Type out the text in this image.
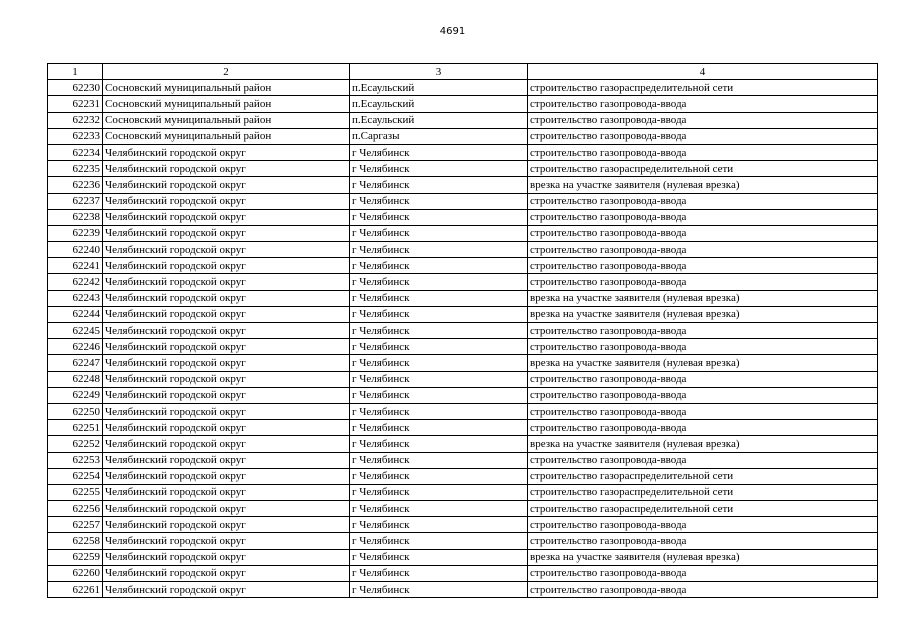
4691
1	2	3	4
62230	Сосновский муниципальный район	п.Есаульский	строительство газораспределительной сети
62231	Сосновский муниципальный район	п.Есаульский	строительство газопровода-ввода
62232	Сосновский муниципальный район	п.Есаульский	строительство газопровода-ввода
62233	Сосновский муниципальный район	п.Саргазы	строительство газопровода-ввода
62234	Челябинский городской округ	г Челябинск	строительство газопровода-ввода
62235	Челябинский городской округ	г Челябинск	строительство газораспределительной сети
62236	Челябинский городской округ	г Челябинск	врезка на участке заявителя (нулевая врезка)
62237	Челябинский городской округ	г Челябинск	строительство газопровода-ввода
62238	Челябинский городской округ	г Челябинск	строительство газопровода-ввода
62239	Челябинский городской округ	г Челябинск	строительство газопровода-ввода
62240	Челябинский городской округ	г Челябинск	строительство газопровода-ввода
62241	Челябинский городской округ	г Челябинск	строительство газопровода-ввода
62242	Челябинский городской округ	г Челябинск	строительство газопровода-ввода
62243	Челябинский городской округ	г Челябинск	врезка на участке заявителя (нулевая врезка)
62244	Челябинский городской округ	г Челябинск	врезка на участке заявителя (нулевая врезка)
62245	Челябинский городской округ	г Челябинск	строительство газопровода-ввода
62246	Челябинский городской округ	г Челябинск	строительство газопровода-ввода
62247	Челябинский городской округ	г Челябинск	врезка на участке заявителя (нулевая врезка)
62248	Челябинский городской округ	г Челябинск	строительство газопровода-ввода
62249	Челябинский городской округ	г Челябинск	строительство газопровода-ввода
62250	Челябинский городской округ	г Челябинск	строительство газопровода-ввода
62251	Челябинский городской округ	г Челябинск	строительство газопровода-ввода
62252	Челябинский городской округ	г Челябинск	врезка на участке заявителя (нулевая врезка)
62253	Челябинский городской округ	г Челябинск	строительство газопровода-ввода
62254	Челябинский городской округ	г Челябинск	строительство газораспределительной сети
62255	Челябинский городской округ	г Челябинск	строительство газораспределительной сети
62256	Челябинский городской округ	г Челябинск	строительство газораспределительной сети
62257	Челябинский городской округ	г Челябинск	строительство газопровода-ввода
62258	Челябинский городской округ	г Челябинск	строительство газопровода-ввода
62259	Челябинский городской округ	г Челябинск	врезка на участке заявителя (нулевая врезка)
62260	Челябинский городской округ	г Челябинск	строительство газопровода-ввода
62261	Челябинский городской округ	г Челябинск	строительство газопровода-ввода
